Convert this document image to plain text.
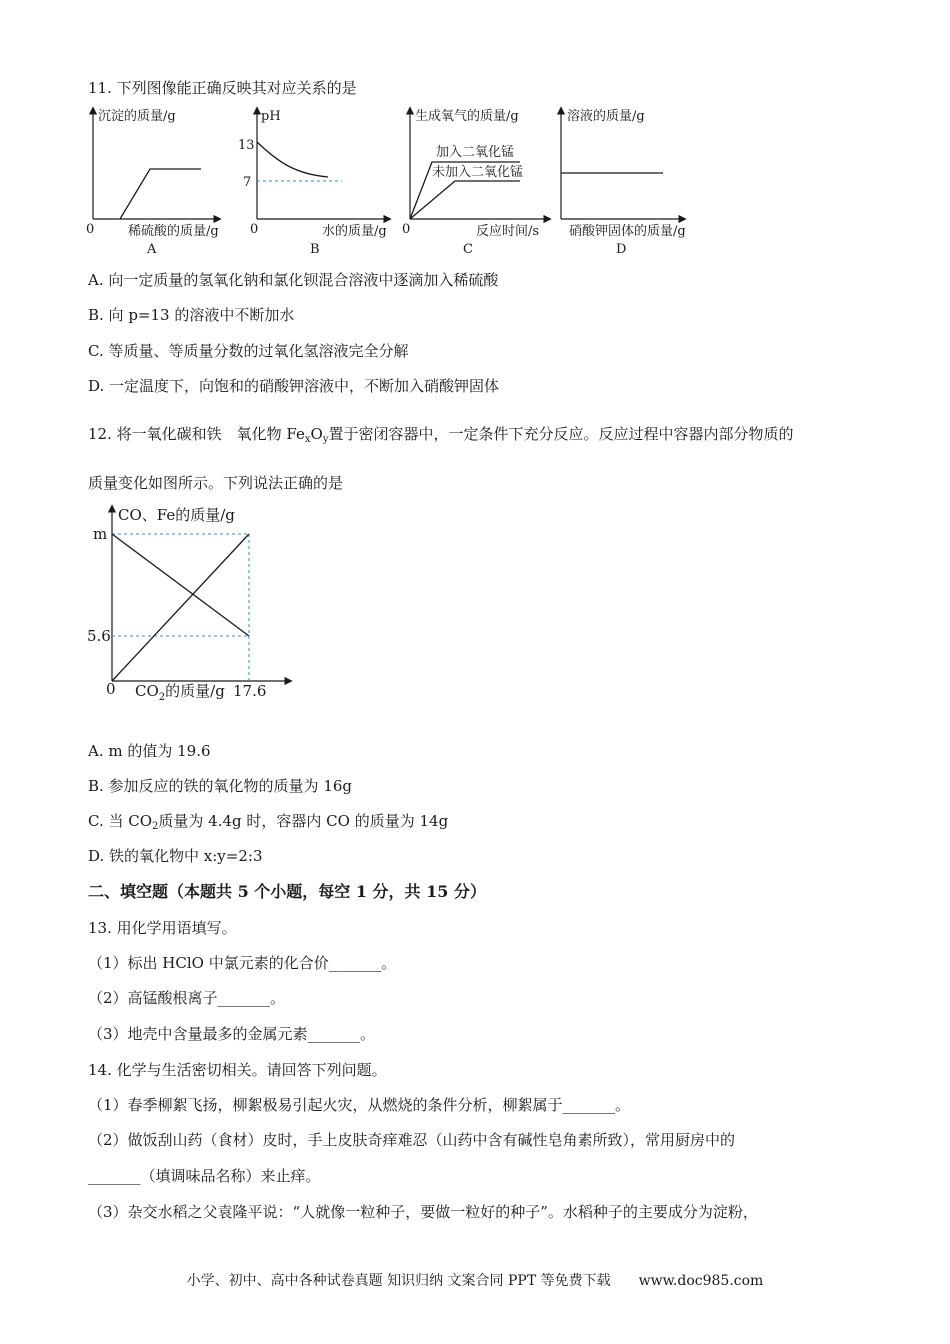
11. 下列图像能正确反映其对应关系的是
沉淀的质量/g
0	稀硫酸的质量/g
A
pH
13
7
0	水的质量/g
B
生成氧气的质量/g
加入二氧化锰
未加入二氧化锰
0	反应时间/s
C
溶液的质量/g
硝酸钾固体的质量/g
D
A. 向一定质量的氢氧化钠和氯化钡混合溶液中逐滴加入稀硫酸
B. 向 p=13 的溶液中不断加水
C. 等质量、等质量分数的过氧化氢溶液完全分解
D. 一定温度下，向饱和的硝酸钾溶液中，不断加入硝酸钾固体
12. 将一氧化碳和铁　氧化物 $Fe_xO_y$置于密闭容器中，一定条件下充分反应。反应过程中容器内部分物质的
质量变化如图所示。下列说法正确的是
CO、Fe的质量/g
m
5.6
0 $CO_2$的质量/g 17.6
A. m 的值为 19.6
B. 参加反应的铁的氧化物的质量为 16g
C. 当 $CO_2$质量为 4.4g 时，容器内 CO 的质量为 14g
D. 铁的氧化物中 x:y=2:3
二、填空题（本题共 5 个小题，每空 1 分，共 15 分）
13. 用化学用语填写。
（1）标出 HClO 中氯元素的化合价_______。
（2）高锰酸根离子_______。
（3）地壳中含量最多的金属元素_______。
14. 化学与生活密切相关。请回答下列问题。
（1）春季柳絮飞扬，柳絮极易引起火灾，从燃烧的条件分析，柳絮属于_______。
（2）做饭刮山药（食材）皮时，手上皮肤奇痒难忍（山药中含有碱性皂角素所致），常用厨房中的
_______（填调味品名称）来止痒。
（3）杂交水稻之父袁隆平说：“人就像一粒种子，要做一粒好的种子”。水稻种子的主要成分为淀粉，
小学、初中、高中各种试卷真题 知识归纳 文案合同 PPT 等免费下载　　www.doc985.com
